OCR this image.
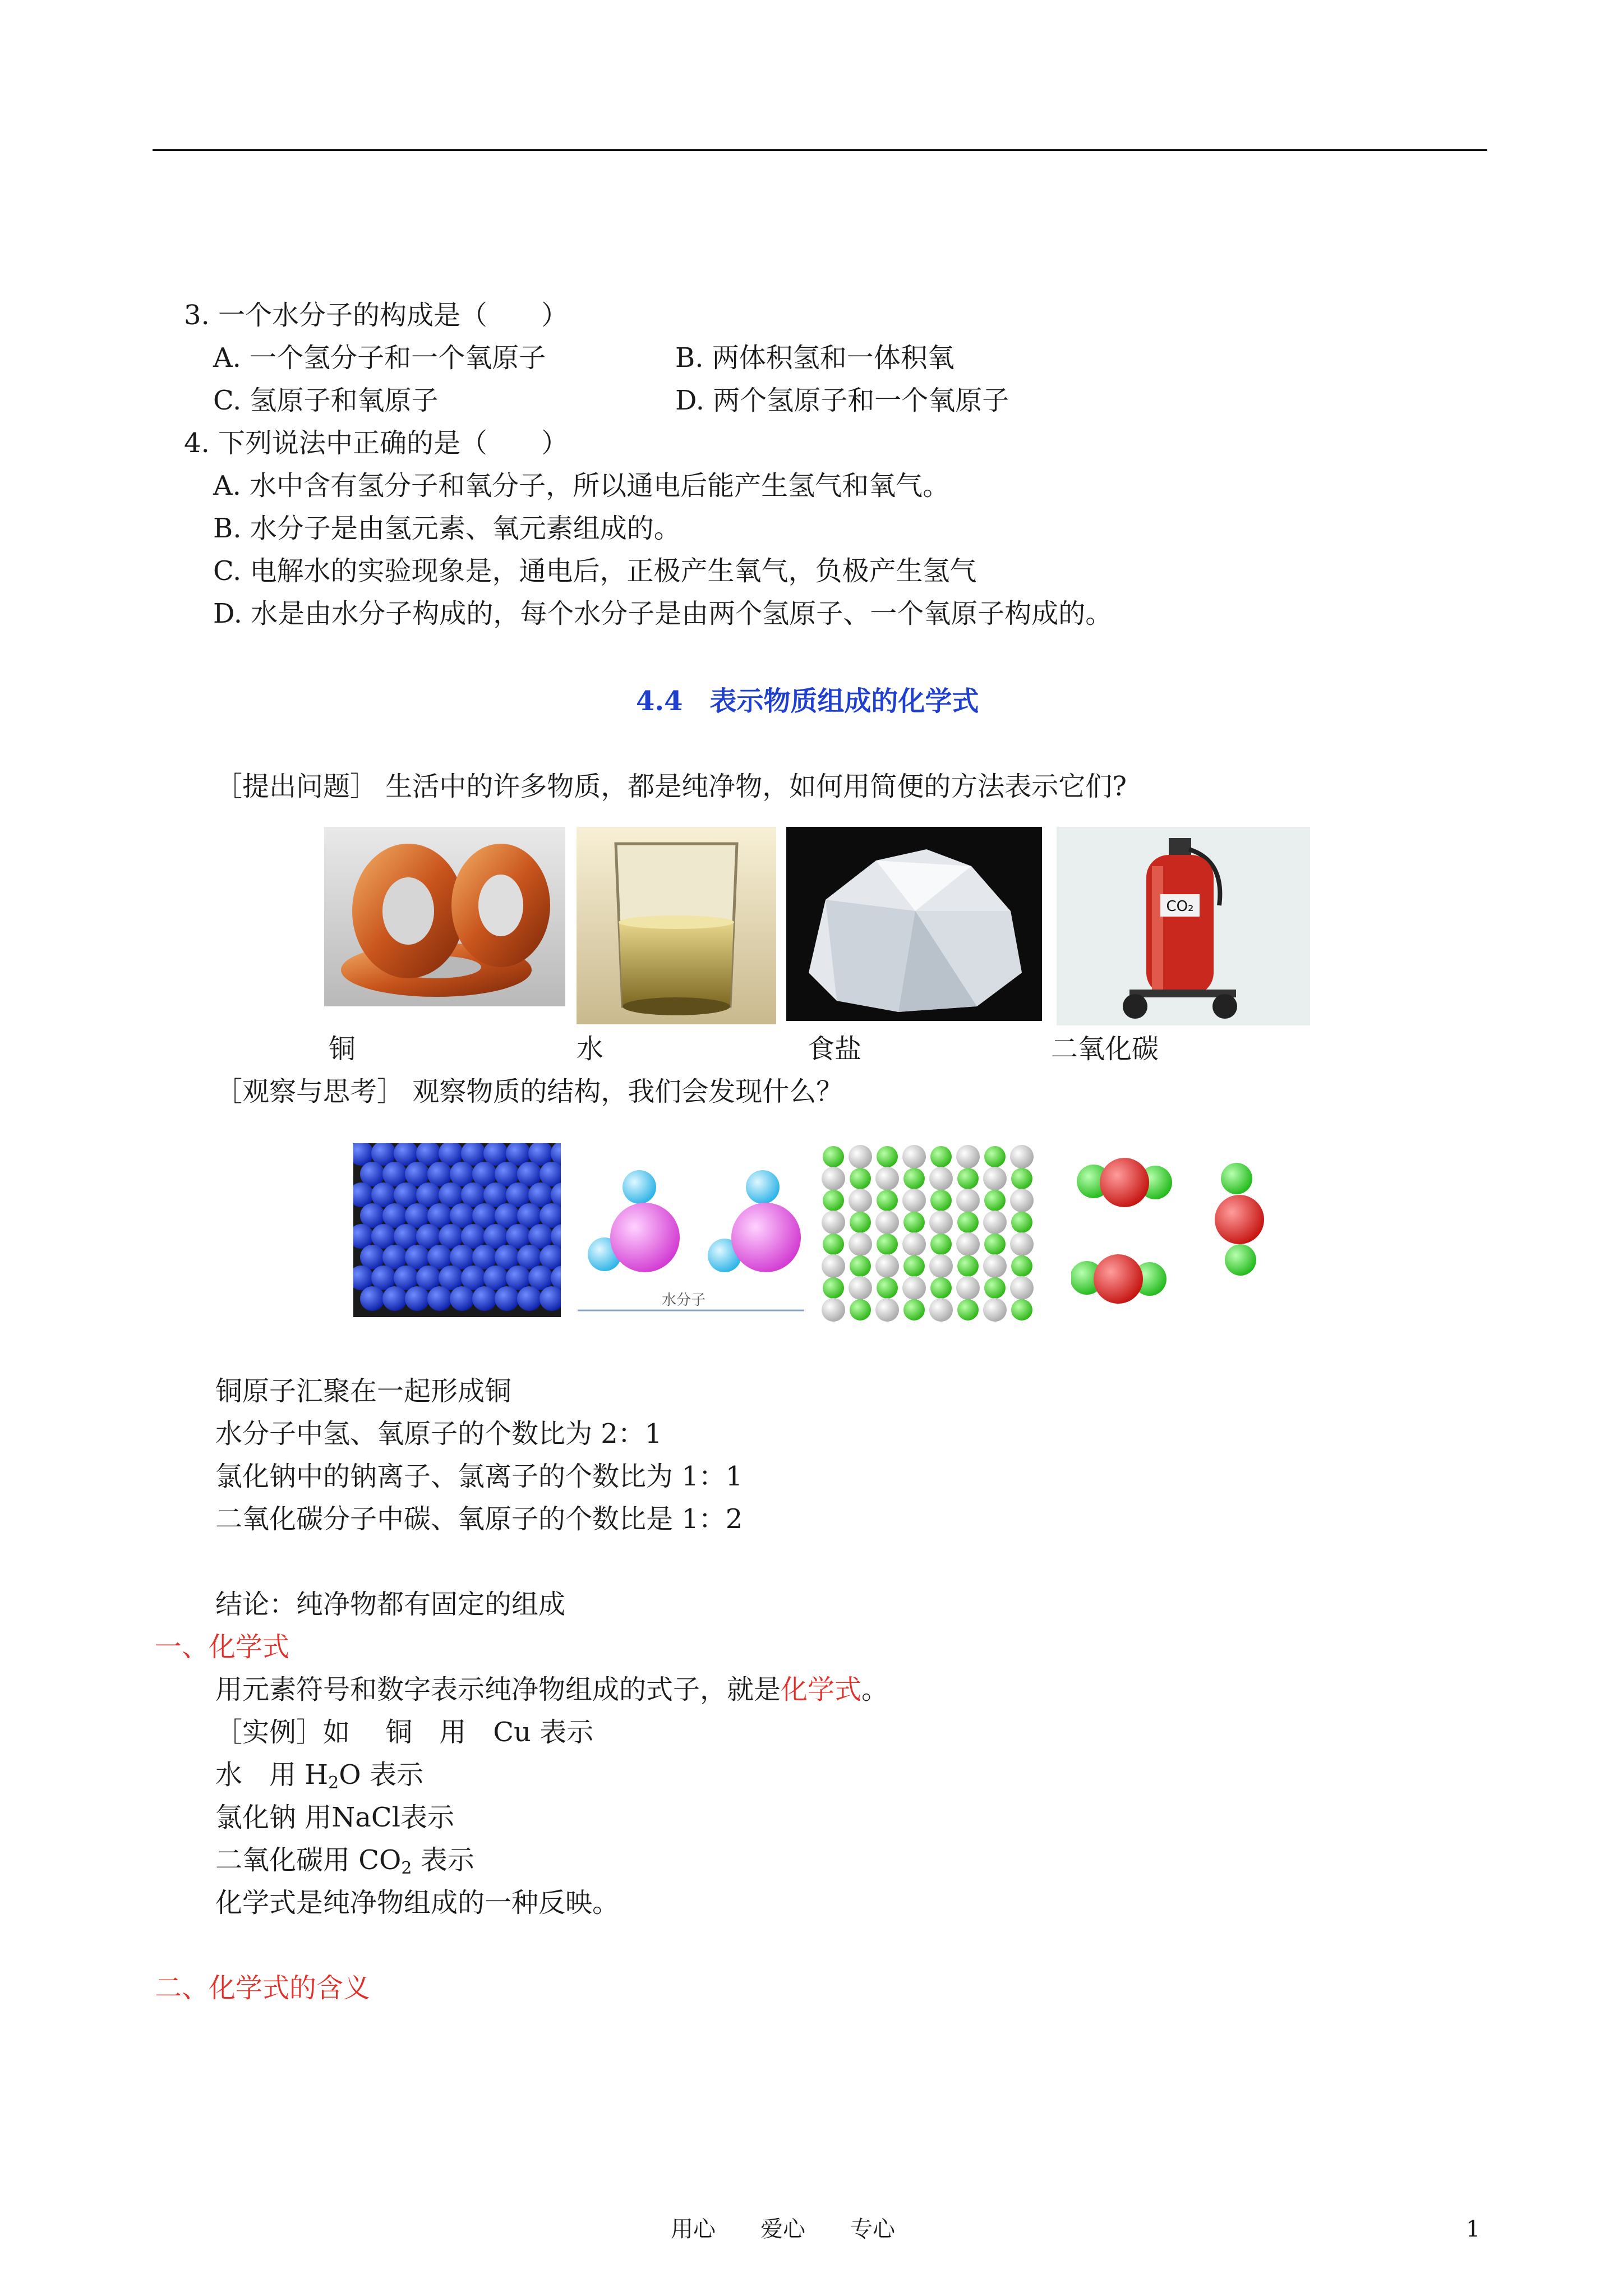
3. 一个水分子的构成是（　　）
A. 一个氢分子和一个氧原子	B. 两体积氢和一体积氧
C. 氢原子和氧原子	D. 两个氢原子和一个氧原子
4. 下列说法中正确的是（　　）
A. 水中含有氢分子和氧分子，所以通电后能产生氢气和氧气。
B. 水分子是由氢元素、氧元素组成的。
C. 电解水的实验现象是，通电后，正极产生氧气，负极产生氢气
D. 水是由水分子构成的，每个水分子是由两个氢原子、一个氧原子构成的。
4.4　表示物质组成的化学式
［提出问题］ 生活中的许多物质，都是纯净物，如何用简便的方法表示它们?
CO₂
铜	水	食盐	二氧化碳
［观察与思考］ 观察物质的结构，我们会发现什么？
水分子
铜原子汇聚在一起形成铜
水分子中氢、氧原子的个数比为 2：1
氯化钠中的钠离子、氯离子的个数比为 1：1
二氧化碳分子中碳、氧原子的个数比是 1：2
结论：纯净物都有固定的组成
一、化学式
用元素符号和数字表示纯净物组成的式子，就是化学式。
［实例］如　 铜　用　Cu 表示
水　用 $H_2O$ 表示
氯化钠 用NaCl表示
二氧化碳用 $CO_2$ 表示
化学式是纯净物组成的一种反映。
二、化学式的含义
用心　　爱心　　专心	1
